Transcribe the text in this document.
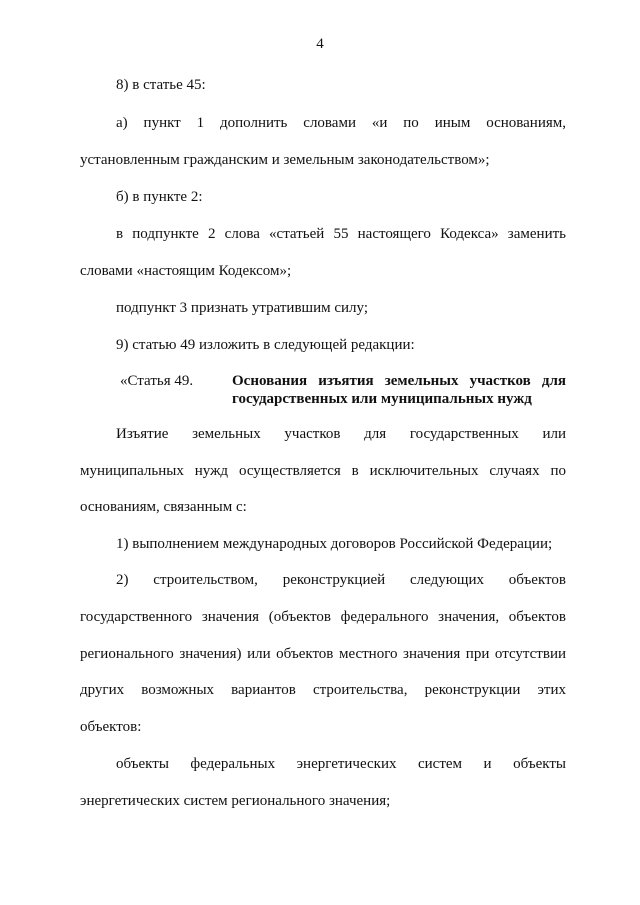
4
8) в статье 45:
а) пункт 1 дополнить словами «и по иным основаниям,
установленным гражданским и земельным законодательством»;
б) в пункте 2:
в подпункте 2 слова «статьей 55 настоящего Кодекса» заменить
словами «настоящим Кодексом»;
подпункт 3 признать утратившим силу;
9) статью 49 изложить в следующей редакции:
«Статья 49.	Основания изъятия земельных участков для
государственных или муниципальных нужд
Изъятие земельных участков для государственных или
муниципальных нужд осуществляется в исключительных случаях по
основаниям, связанным с:
1) выполнением международных договоров Российской Федерации;
2) строительством, реконструкцией следующих объектов
государственного значения (объектов федерального значения, объектов
регионального значения) или объектов местного значения при отсутствии
других возможных вариантов строительства, реконструкции этих
объектов:
объекты федеральных энергетических систем и объекты
энергетических систем регионального значения;
